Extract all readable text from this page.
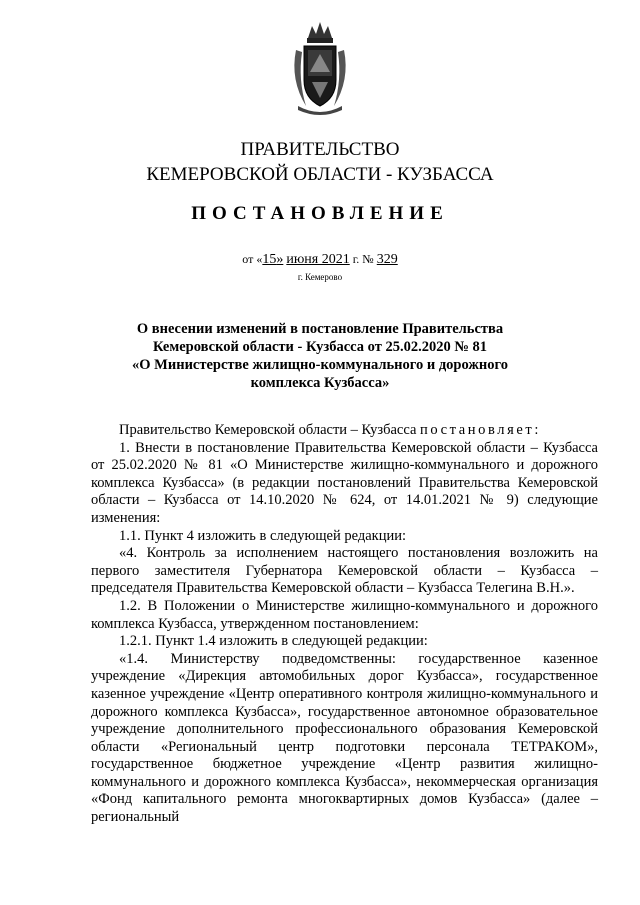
ПРАВИТЕЛЬСТВО
КЕМЕРОВСКОЙ ОБЛАСТИ - КУЗБАССА
ПОСТАНОВЛЕНИЕ
от «15» июня 2021 г. № 329
г. Кемерово
О внесении изменений в постановление Правительства
Кемеровской области - Кузбасса от 25.02.2020 № 81
«О Министерстве жилищно-коммунального и дорожного
комплекса Кузбасса»

Правительство Кемеровской области – Кузбасса постановляет:

1. Внести в постановление Правительства Кемеровской области – Кузбасса от 25.02.2020 № 81 «О Министерстве жилищно-коммунального и дорожного комплекса Кузбасса» (в редакции постановлений Правительства Кемеровской области – Кузбасса от 14.10.2020 № 624, от 14.01.2021 № 9) следующие изменения:

1.1. Пункт 4 изложить в следующей редакции:

«4. Контроль за исполнением настоящего постановления возложить на первого заместителя Губернатора Кемеровской области – Кузбасса – председателя Правительства Кемеровской области – Кузбасса Телегина В.Н.».

1.2. В Положении о Министерстве жилищно-коммунального и дорожного комплекса Кузбасса, утвержденном постановлением:

1.2.1. Пункт 1.4 изложить в следующей редакции:

«1.4. Министерству подведомственны: государственное казенное учреждение «Дирекция автомобильных дорог Кузбасса», государственное казенное учреждение «Центр оперативного контроля жилищно-коммунального и дорожного комплекса Кузбасса», государственное автономное образовательное учреждение дополнительного профессионального образования Кемеровской области «Региональный центр подготовки персонала ТЕТРАКОМ», государственное бюджетное учреждение «Центр развития жилищно-коммунального и дорожного комплекса Кузбасса», некоммерческая организация «Фонд капитального ремонта многоквартирных домов Кузбасса» (далее – региональный
